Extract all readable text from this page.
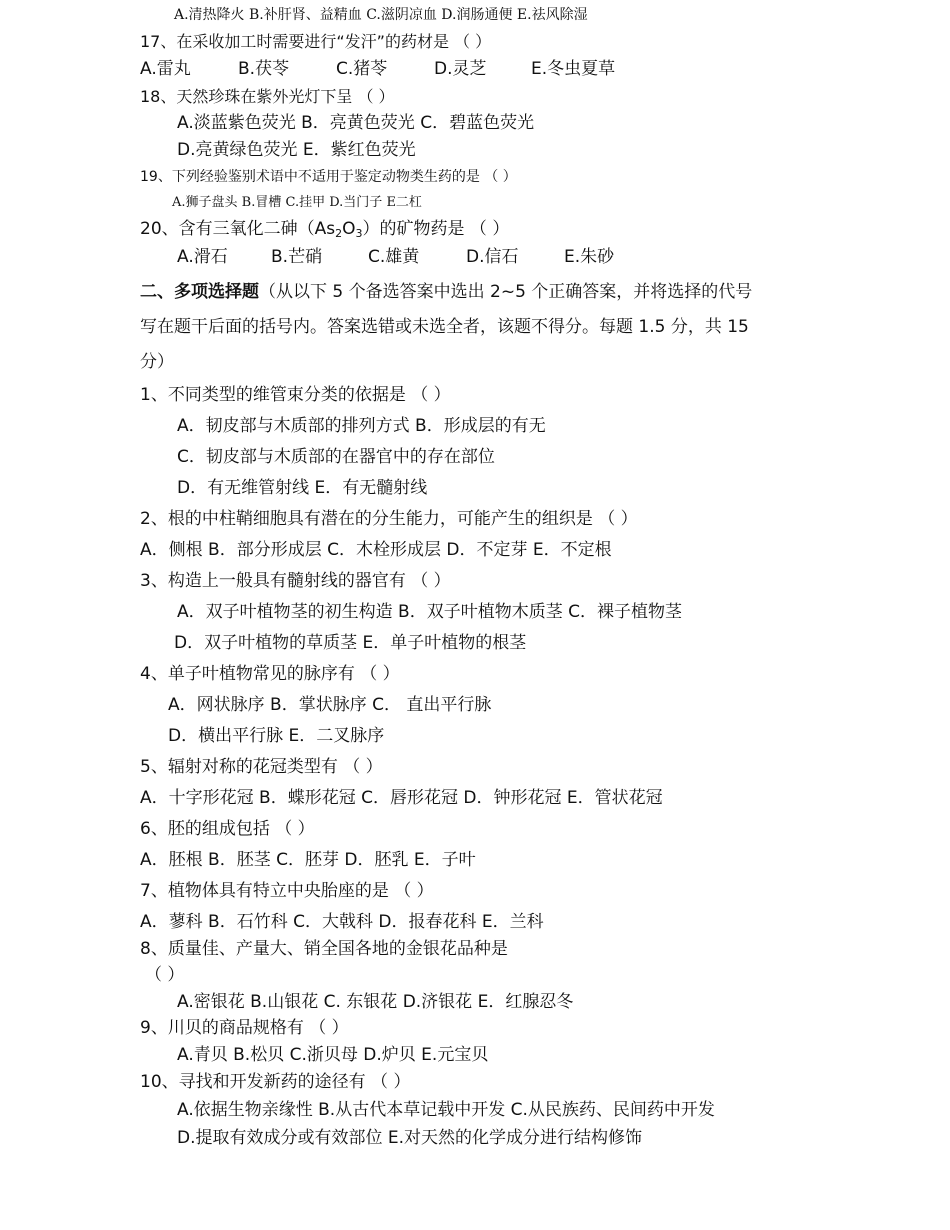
A.清热降火 B.补肝肾、益精血 C.滋阴凉血 D.润肠通便 E.祛风除湿
17、在采收加工时需要进行“发汗”的药材是 （ ）
A.雷丸	B.茯苓	C.猪苓	D.灵芝	E.冬虫夏草
18、天然珍珠在紫外光灯下呈 （ ）
A.淡蓝紫色荧光 B．亮黄色荧光 C．碧蓝色荧光
D.亮黄绿色荧光 E．紫红色荧光
19、下列经验鉴别术语中不适用于鉴定动物类生药的是 （ ）
A.狮子盘头 B.冒槽 C.挂甲 D.当门子 E二杠
20、含有三氧化二砷$(As_2O_3)$的矿物药是 （ ）
A.滑石	B.芒硝	C.雄黄	D.信石	E.朱砂
二、多项选择题（从以下 5 个备选答案中选出 2~5 个正确答案，并将选择的代号
写在题干后面的括号内。答案选错或未选全者，该题不得分。每题 1.5 分，共 15
分）
1、不同类型的维管束分类的依据是 （ ）
A．韧皮部与木质部的排列方式 B．形成层的有无
C．韧皮部与木质部的在器官中的存在部位
D．有无维管射线 E．有无髓射线
2、根的中柱鞘细胞具有潜在的分生能力，可能产生的组织是 （ ）
A．侧根 B．部分形成层 C．木栓形成层 D．不定芽 E．不定根
3、构造上一般具有髓射线的器官有 （ ）
A．双子叶植物茎的初生构造 B．双子叶植物木质茎 C．裸子植物茎
D．双子叶植物的草质茎 E．单子叶植物的根茎
4、单子叶植物常见的脉序有 （ ）
A．网状脉序 B．掌状脉序 C． 直出平行脉
D．横出平行脉 E．二叉脉序
5、辐射对称的花冠类型有 （ ）
A．十字形花冠 B．蝶形花冠 C．唇形花冠 D．钟形花冠 E．管状花冠
6、胚的组成包括 （ ）
A．胚根 B．胚茎 C．胚芽 D．胚乳 E．子叶
7、植物体具有特立中央胎座的是 （ ）
A．蓼科 B．石竹科 C．大戟科 D．报春花科 E．兰科
8、质量佳、产量大、销全国各地的金银花品种是
（ ）
A.密银花 B.山银花 C. 东银花 D.济银花 E．红腺忍冬
9、川贝的商品规格有 （ ）
A.青贝 B.松贝 C.浙贝母 D.炉贝 E.元宝贝
10、寻找和开发新药的途径有 （ ）
A.依据生物亲缘性 B.从古代本草记载中开发 C.从民族药、民间药中开发
D.提取有效成分或有效部位 E.对天然的化学成分进行结构修饰
